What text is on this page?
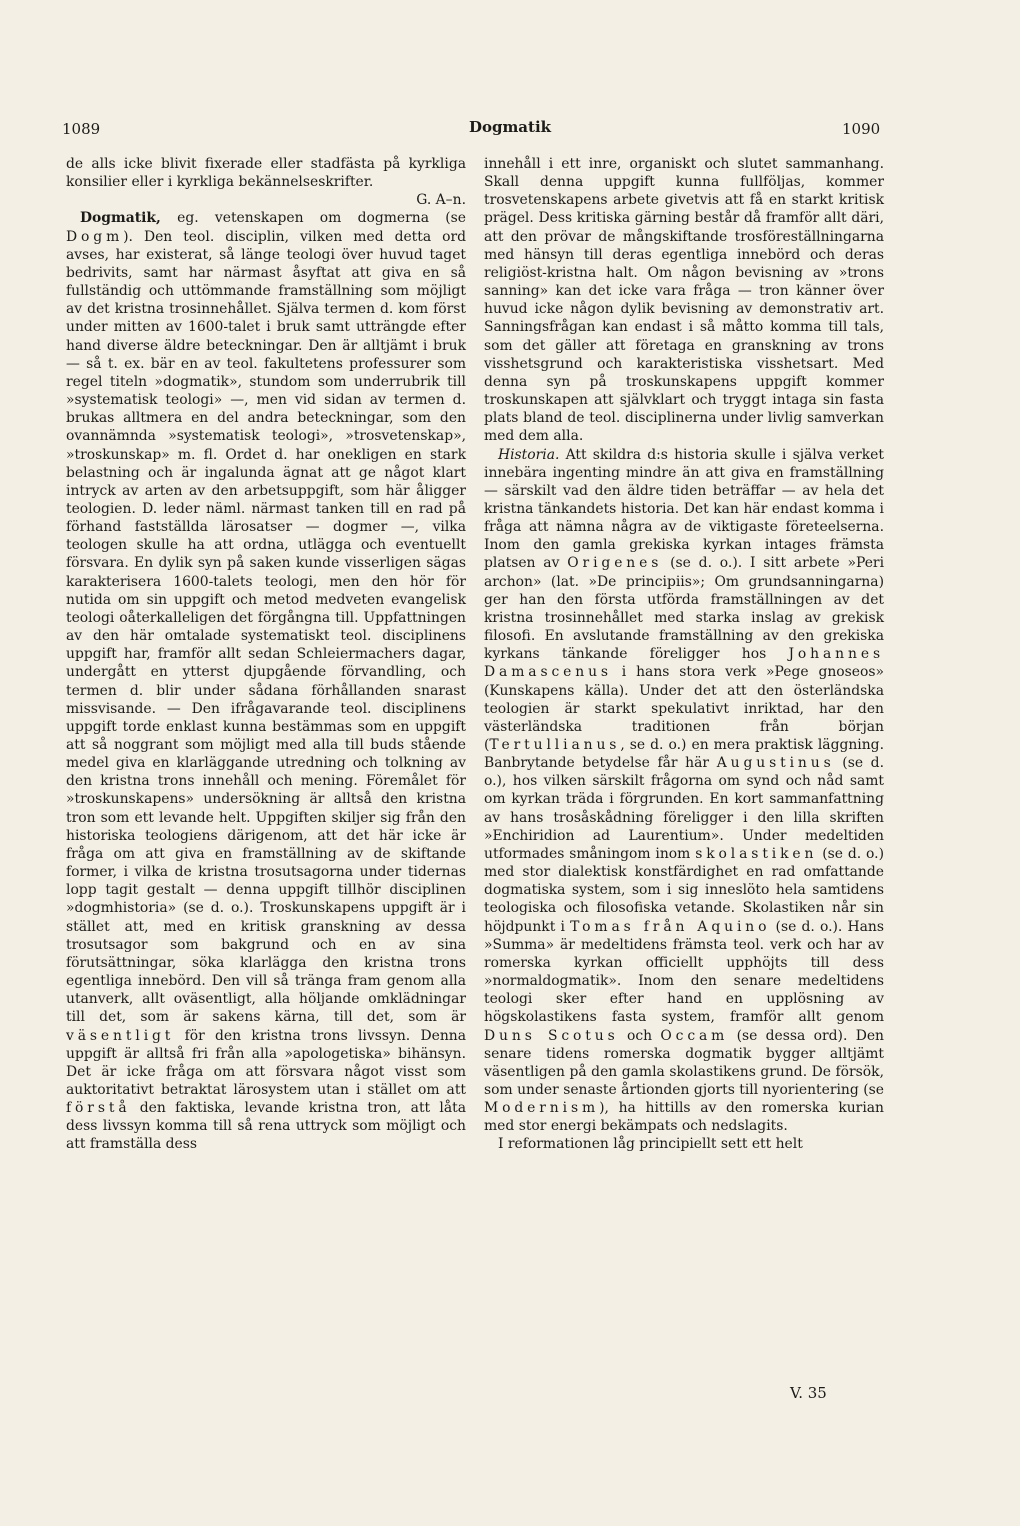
1089	Dogmatik	1090

de alls icke blivit fixerade eller stadfästa på kyrkliga konsilier eller i kyrkliga bekännelseskrifter.

G. A–n.

Dogmatik, eg. vetenskapen om dogmerna (se Dogm). Den teol. disciplin, vilken med detta ord avses, har existerat, så länge teologi över huvud taget bedrivits, samt har närmast åsyftat att giva en så fullständig och uttömmande framställning som möjligt av det kristna trosinnehållet. Själva termen d. kom först under mitten av 1600-talet i bruk samt utträngde efter hand diverse äldre beteckningar. Den är alltjämt i bruk — så t. ex. bär en av teol. fakultetens professurer som regel titeln »dogmatik», stundom som underrubrik till »systematisk teologi» —, men vid sidan av termen d. brukas alltmera en del andra beteckningar, som den ovannämnda »systematisk teologi», »trosvetenskap», »troskunskap» m. fl. Ordet d. har onekligen en stark belastning och är ingalunda ägnat att ge något klart intryck av arten av den arbetsuppgift, som här åligger teologien. D. leder näml. närmast tanken till en rad på förhand fastställda lärosatser — dogmer —, vilka teologen skulle ha att ordna, utlägga och eventuellt försvara. En dylik syn på saken kunde visserligen sägas karakterisera 1600-talets teologi, men den hör för nutida om sin uppgift och metod medveten evangelisk teologi oåterkalleligen det förgångna till. Uppfattningen av den här omtalade systematiskt teol. disciplinens uppgift har, framför allt sedan Schleiermachers dagar, undergått en ytterst djupgående förvandling, och termen d. blir under sådana förhållanden snarast missvisande. — Den ifrågavarande teol. disciplinens uppgift torde enklast kunna bestämmas som en uppgift att så noggrant som möjligt med alla till buds stående medel giva en klarläggande utredning och tolkning av den kristna trons innehåll och mening. Föremålet för »troskunskapens» undersökning är alltså den kristna tron som ett levande helt. Uppgiften skiljer sig från den historiska teologiens därigenom, att det här icke är fråga om att giva en framställning av de skiftande former, i vilka de kristna trosutsagorna under tidernas lopp tagit gestalt — denna uppgift tillhör disciplinen »dogmhistoria» (se d. o.). Troskunskapens uppgift är i stället att, med en kritisk granskning av dessa trosutsagor som bakgrund och en av sina förutsättningar, söka klarlägga den kristna trons egentliga innebörd. Den vill så tränga fram genom alla utanverk, allt oväsentligt, alla höljande omklädningar till det, som är sakens kärna, till det, som är väsentligt för den kristna trons livssyn. Denna uppgift är alltså fri från alla »apologetiska» bihänsyn. Det är icke fråga om att försvara något visst som auktoritativt betraktat lärosystem utan i stället om att förstå den faktiska, levande kristna tron, att låta dess livssyn komma till så rena uttryck som möjligt och att framställa dess

innehåll i ett inre, organiskt och slutet sammanhang. Skall denna uppgift kunna fullföljas, kommer trosvetenskapens arbete givetvis att få en starkt kritisk prägel. Dess kritiska gärning består då framför allt däri, att den prövar de mångskiftande trosföreställningarna med hänsyn till deras egentliga innebörd och deras religiöst-kristna halt. Om någon bevisning av »trons sanning» kan det icke vara fråga — tron känner över huvud icke någon dylik bevisning av demonstrativ art. Sanningsfrågan kan endast i så måtto komma till tals, som det gäller att företaga en granskning av trons visshetsgrund och karakteristiska visshetsart. Med denna syn på troskunskapens uppgift kommer troskunskapen att självklart och tryggt intaga sin fasta plats bland de teol. disciplinerna under livlig samverkan med dem alla.

Historia. Att skildra d:s historia skulle i själva verket innebära ingenting mindre än att giva en framställning — särskilt vad den äldre tiden beträffar — av hela det kristna tänkandets historia. Det kan här endast komma i fråga att nämna några av de viktigaste företeelserna. Inom den gamla grekiska kyrkan intages främsta platsen av Origenes (se d. o.). I sitt arbete »Peri archon» (lat. »De principiis»; Om grundsanningarna) ger han den första utförda framställningen av det kristna trosinnehållet med starka inslag av grekisk filosofi. En avslutande framställning av den grekiska kyrkans tänkande föreligger hos Johannes Damascenus i hans stora verk »Pege gnoseos» (Kunskapens källa). Under det att den österländska teologien är starkt spekulativt inriktad, har den västerländska traditionen från början (Tertullianus, se d. o.) en mera praktisk läggning. Banbrytande betydelse får här Augustinus (se d. o.), hos vilken särskilt frågorna om synd och nåd samt om kyrkan träda i förgrunden. En kort sammanfattning av hans trosåskådning föreligger i den lilla skriften »Enchiridion ad Laurentium». Under medeltiden utformades småningom inom skolastiken (se d. o.) med stor dialektisk konstfärdighet en rad omfattande dogmatiska system, som i sig inneslöto hela samtidens teologiska och filosofiska vetande. Skolastiken når sin höjdpunkt i Tomas från Aquino (se d. o.). Hans »Summa» är medeltidens främsta teol. verk och har av romerska kyrkan officiellt upphöjts till dess »normaldogmatik». Inom den senare medeltidens teologi sker efter hand en upplösning av högskolastikens fasta system, framför allt genom Duns Scotus och Occam (se dessa ord). Den senare tidens romerska dogmatik bygger alltjämt väsentligen på den gamla skolastikens grund. De försök, som under senaste årtionden gjorts till nyorientering (se Modernism), ha hittills av den romerska kurian med stor energi bekämpats och nedslagits.

I reformationen låg principiellt sett ett helt

V. 35
